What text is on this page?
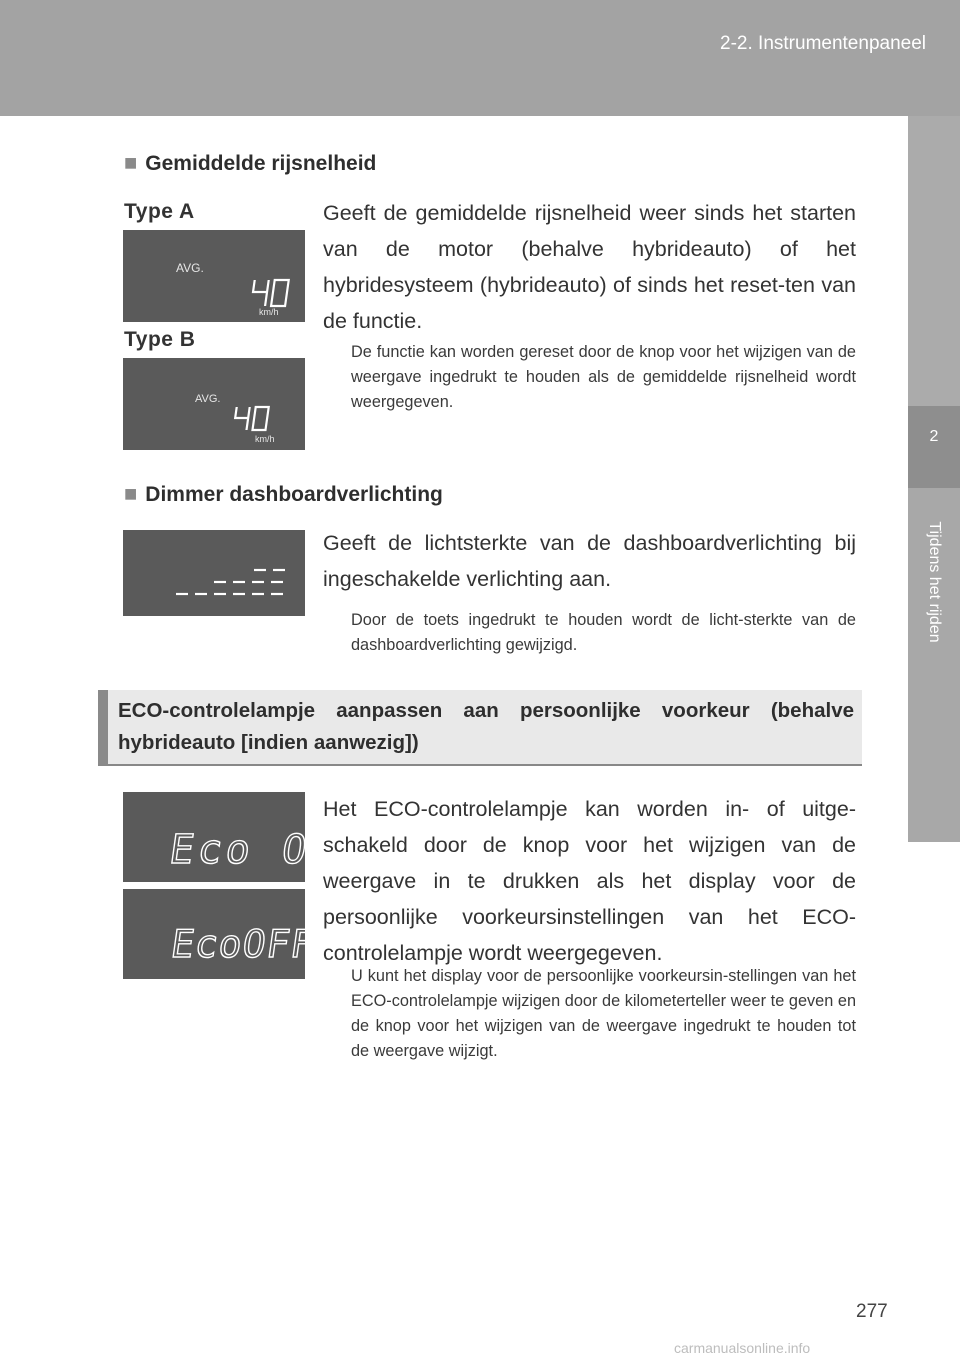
2-2. Instrumentenpaneel
2
Tijdens het rijden
■ Gemiddelde rijsnelheid
Type A
AVG.
km/h
Type B
AVG.
km/h
Geeft de gemiddelde rijsnelheid weer sinds het starten van de motor (behalve hybrideauto) of het hybridesysteem (hybrideauto) of sinds het reset-ten van de functie.
De functie kan worden gereset door de knop voor het wijzigen van de weergave ingedrukt te houden als de gemiddelde rijsnelheid wordt weergegeven.
■ Dimmer dashboardverlichting
Geeft de lichtsterkte van de dashboardverlichting bij ingeschakelde verlichting aan.
Door de toets ingedrukt te houden wordt de licht-sterkte van de dashboardverlichting gewijzigd.
ECO-controlelampje aanpassen aan persoonlijke voorkeur (behalve hybrideauto [indien aanwezig])
Eco On
EcoOFF
Het ECO-controlelampje kan worden in- of uitge-schakeld door de knop voor het wijzigen van de weergave in te drukken als het display voor de persoonlijke voorkeursinstellingen van het ECO-controlelampje wordt weergegeven.
U kunt het display voor de persoonlijke voorkeursin-stellingen van het ECO-controlelampje wijzigen door de kilometerteller weer te geven en de knop voor het wijzigen van de weergave ingedrukt te houden tot de weergave wijzigt.
277
carmanualsonline.info
